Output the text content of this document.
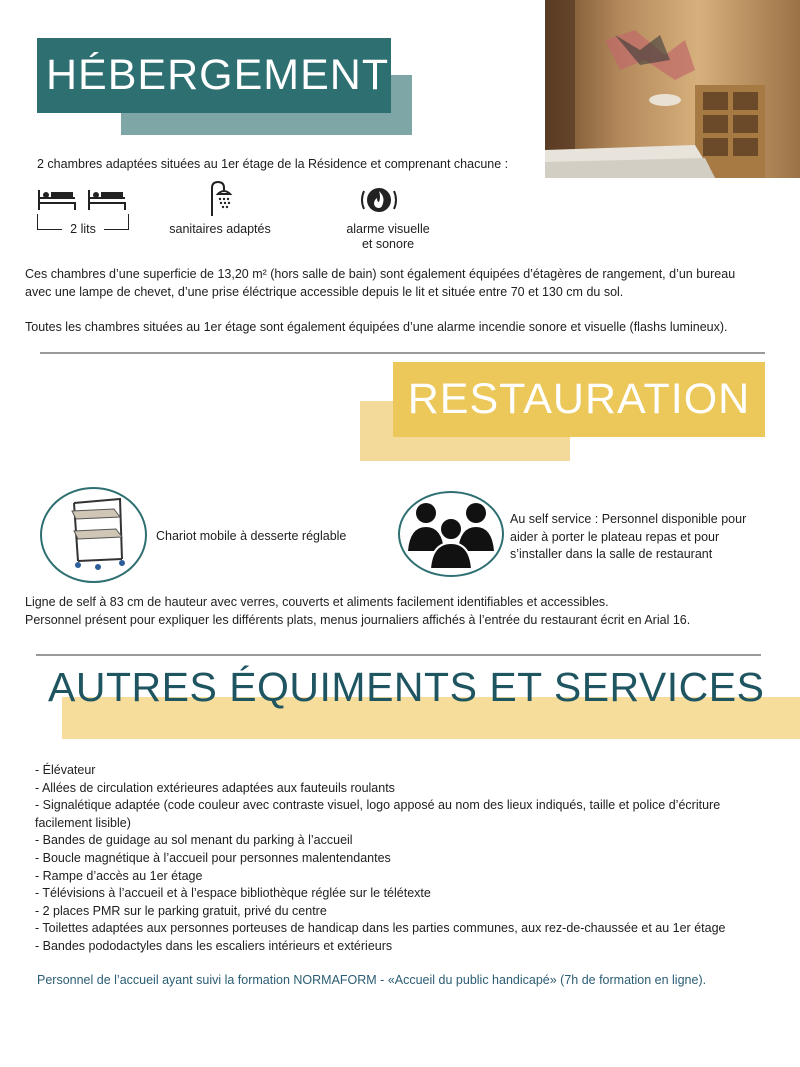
HÉBERGEMENT
2 chambres adaptées situées au 1er étage de la Résidence et comprenant chacune :
2 lits	sanitaires adaptés	alarme visuelle
et sonore
Ces chambres d’une superficie de 13,20 m² (hors salle de bain) sont également équipées d’étagères de rangement, d’un bureau
avec une lampe de chevet, d’une prise éléctrique accessible depuis le lit et située entre 70 et 130 cm du sol.
Toutes les chambres situées au 1er étage sont également équipées d’une alarme incendie sonore et visuelle (flashs lumineux).
RESTAURATION
Chariot mobile à desserte réglable
Au self service : Personnel disponible pour
aider à porter le plateau repas et pour
s’installer dans la salle de restaurant
Ligne de self à 83 cm de hauteur avec verres, couverts et aliments facilement identifiables et accessibles.
Personnel présent pour expliquer les différents plats, menus journaliers affichés à l’entrée du restaurant écrit en Arial 16.
AUTRES ÉQUIMENTS ET SERVICES
- Élévateur
- Allées de circulation extérieures adaptées aux fauteuils roulants
- Signalétique adaptée (code couleur avec contraste visuel, logo apposé au nom des lieux indiqués, taille et police d’écriture
facilement lisible)
- Bandes de guidage au sol menant du parking à l’accueil
- Boucle magnétique à l’accueil pour personnes malentendantes
- Rampe d’accès au 1er étage
- Télévisions à l’accueil et à l’espace bibliothèque réglée sur le télétexte
- 2 places PMR sur le parking gratuit, privé du centre
- Toilettes adaptées aux personnes porteuses de handicap dans les parties communes, aux rez-de-chaussée et au 1er étage
- Bandes pododactyles dans les escaliers intérieurs et extérieurs
Personnel de l’accueil ayant suivi la formation NORMAFORM - «Accueil du public handicapé» (7h de formation en ligne).
